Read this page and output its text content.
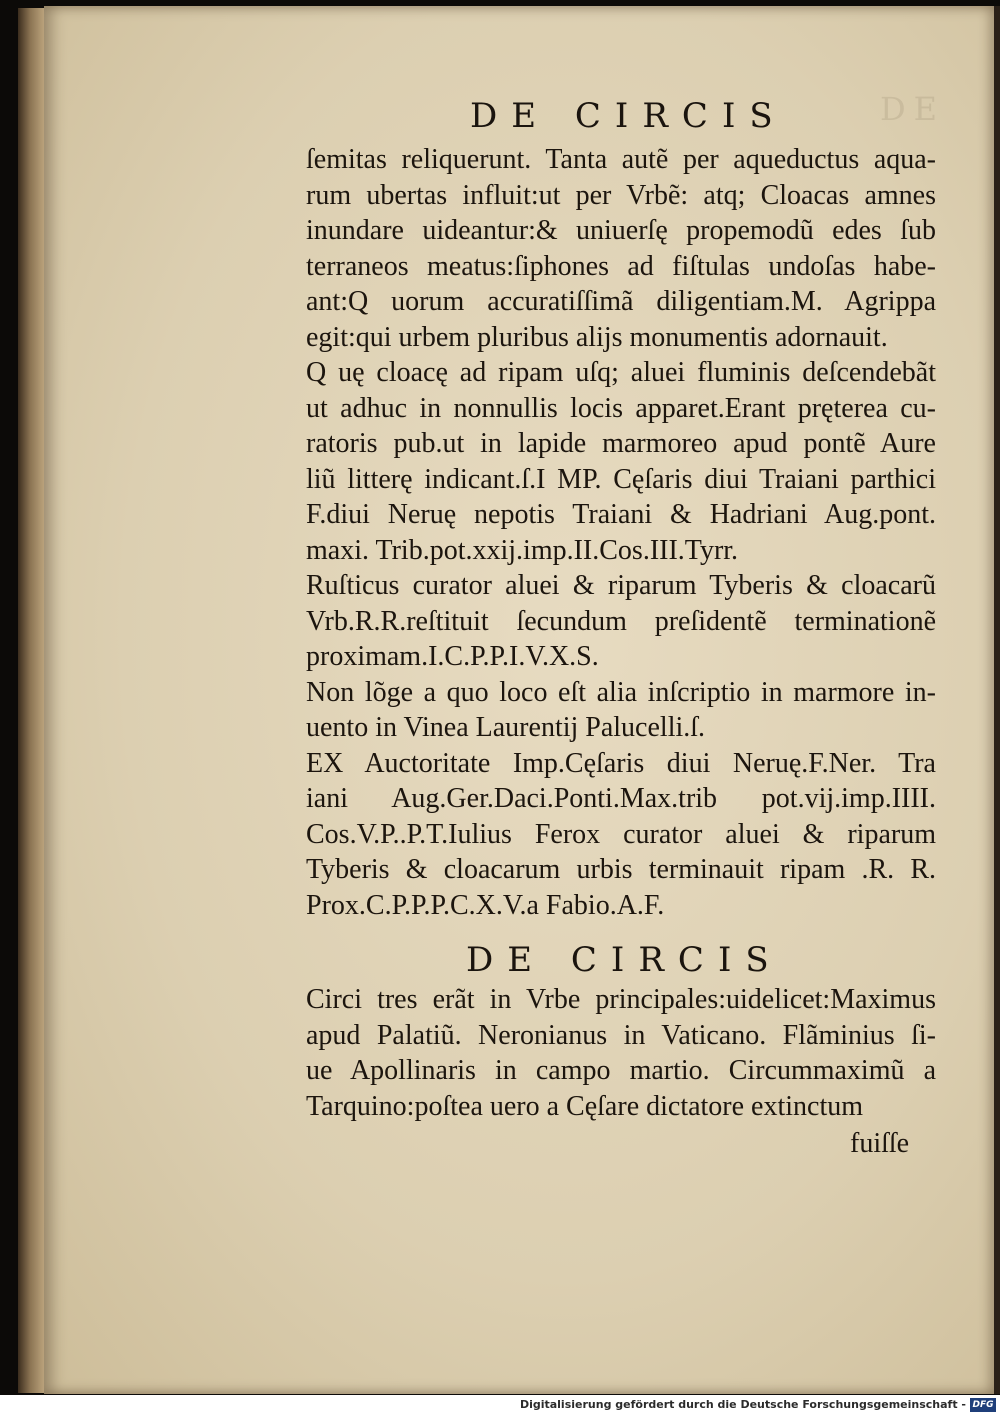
DE
DE CIRCIS
ſemitas reliquerunt. Tanta autẽ per aqueductus aqua-
rum ubertas influit:ut per Vrbẽ: atq; Cloacas amnes
inundare uideantur:& uniuerſę propemodũ edes ſub
terraneos meatus:ſiphones ad fiſtulas undoſas habe-
ant:Q uorum accuratiſſimã diligentiam.M. Agrippa
egit:qui urbem pluribus alijs monumentis adornauit.
Q uę cloacę ad ripam uſq; aluei fluminis deſcendebãt
ut adhuc in nonnullis locis apparet.Erant pręterea cu-
ratoris pub.ut in lapide marmoreo apud pontẽ Aure
liũ litterę indicant.ſ.I MP. Cęſaris diui Traiani parthici
F.diui Neruę nepotis Traiani & Hadriani Aug.pont.
maxi. Trib.pot.xxij.imp.II.Cos.III.Tyrr.
Ruſticus curator aluei & riparum Tyberis & cloacarũ
Vrb.R.R.reſtituit ſecundum preſidentẽ terminationẽ
proximam.I.C.P.P.I.V.X.S.
Non lõge a quo loco eſt alia inſcriptio in marmore in-
uento in Vinea Laurentij Palucelli.ſ.
EX Auctoritate Imp.Cęſaris diui Neruę.F.Ner. Tra
iani Aug.Ger.Daci.Ponti.Max.trib pot.vij.imp.IIII.
Cos.V.P..P.T.Iulius Ferox curator aluei & riparum
Tyberis & cloacarum urbis terminauit ripam .R. R.
Prox.C.P.P.P.C.X.V.a Fabio.A.F.
DE CIRCIS
Circi tres erãt in Vrbe principales:uidelicet:Maximus
apud Palatiũ. Neronianus in Vaticano. Flãminius ſi-
ue Apollinaris in campo martio. Circummaximũ a
Tarquino:poſtea uero a Cęſare dictatore extinctum
fuiſſe
Digitalisierung gefördert durch die Deutsche Forschungsgemeinschaft - DFG
